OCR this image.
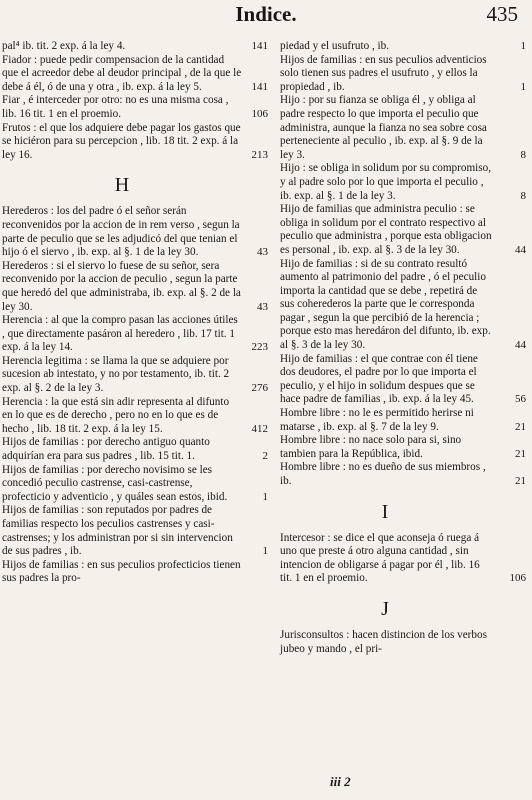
Indice.	435
pal⁴ ib. tit. 2 exp. á la ley 4.	141
Fiador : puede pedir compensacion de la cantidad que el acreedor debe al deudor principal , de la que le debe á él, ó de una y otra , ib. exp. á la ley 5.	141
Fiar , é interceder por otro: no es una misma cosa , lib. 16 tit. 1 en el proemio.	106
Frutos : el que los adquiere debe pagar los gastos que se hiciéron para su percepcion , lib. 18 tit. 2 exp. á la ley 16.	213
H
Herederos : los del padre ó el señor serán reconvenidos por la accion de in rem verso , segun la parte de peculio que se les adjudicó del que tenian el hijo ó el siervo , ib. exp. al §. 1 de la ley 30.	43
Herederos : si el siervo lo fuese de su señor, sera reconvenido por la accion de peculio , segun la parte que heredó del que administraba, ib. exp. al §. 2 de la ley 30.	43
Herencia : al que la compro pasan las acciones útiles , que directamente pasáron al heredero , lib. 17 tit. 1 exp. á la ley 14.	223
Herencia legitima : se llama la que se adquiere por sucesion ab intestato, y no por testamento, ib. tit. 2 exp. al §. 2 de la ley 3.	276
Herencia : la que está sin adir representa al difunto en lo que es de derecho , pero no en lo que es de hecho , lib. 18 tit. 2 exp. á la ley 15.	412
Hijos de familias : por derecho antiguo quanto adquirían era para sus padres , lib. 15 tit. 1.	2
Hijos de familias : por derecho novisimo se les concedió peculio castrense, casi-castrense, profecticio y adventicio , y quáles sean estos, ibid.	1
Hijos de familias : son reputados por padres de familias respecto los peculios castrenses y casi-castrenses; y los administran por si sin intervencion de sus padres , ib.	1
Hijos de familias : en sus peculios profecticios tienen sus padres la pro-
piedad y el usufruto , ib.	1
Hijos de familias : en sus peculios adventicios solo tienen sus padres el usufruto , y ellos la propiedad , ib.	1
Hijo : por su fianza se obliga él , y obliga al padre respecto lo que importa el peculio que administra, aunque la fianza no sea sobre cosa perteneciente al peculio , ib. exp. al §. 9 de la ley 3.	8
Hijo : se obliga in solidum por su compromiso, y al padre solo por lo que importa el peculio , ib. exp. al §. 1 de la ley 3.	8
Hijo de familias que administra peculio : se obliga in solidum por el contrato respectivo al peculio que administra , porque esta obligacion es personal , ib. exp. al §. 3 de la ley 30.	44
Hijo de familias : si de su contrato resultó aumento al patrimonio del padre , ó el peculio importa la cantidad que se debe , repetirá de sus coherederos la parte que le corresponda pagar , segun la que percibió de la herencia ; porque esto mas heredáron del difunto, ib. exp. al §. 3 de la ley 30.	44
Hijo de familias : el que contrae con él tiene dos deudores, el padre por lo que importa el peculio, y el hijo in solidum despues que se hace padre de familias , ib. exp. á la ley 45.	56
Hombre libre : no le es permitido herirse ni matarse , ib. exp. al §. 7 de la ley 9.	21
Hombre libre : no nace solo para si, sino tambien para la República, ibid.	21
Hombre libre : no es dueño de sus miembros , ib.	21
I
Intercesor : se dice el que aconseja ó ruega á uno que preste á otro alguna cantidad , sin intencion de obligarse á pagar por él , lib. 16 tit. 1 en el proemio.	106
J
Jurisconsultos : hacen distincion de los verbos jubeo y mando , el pri-
iii 2
